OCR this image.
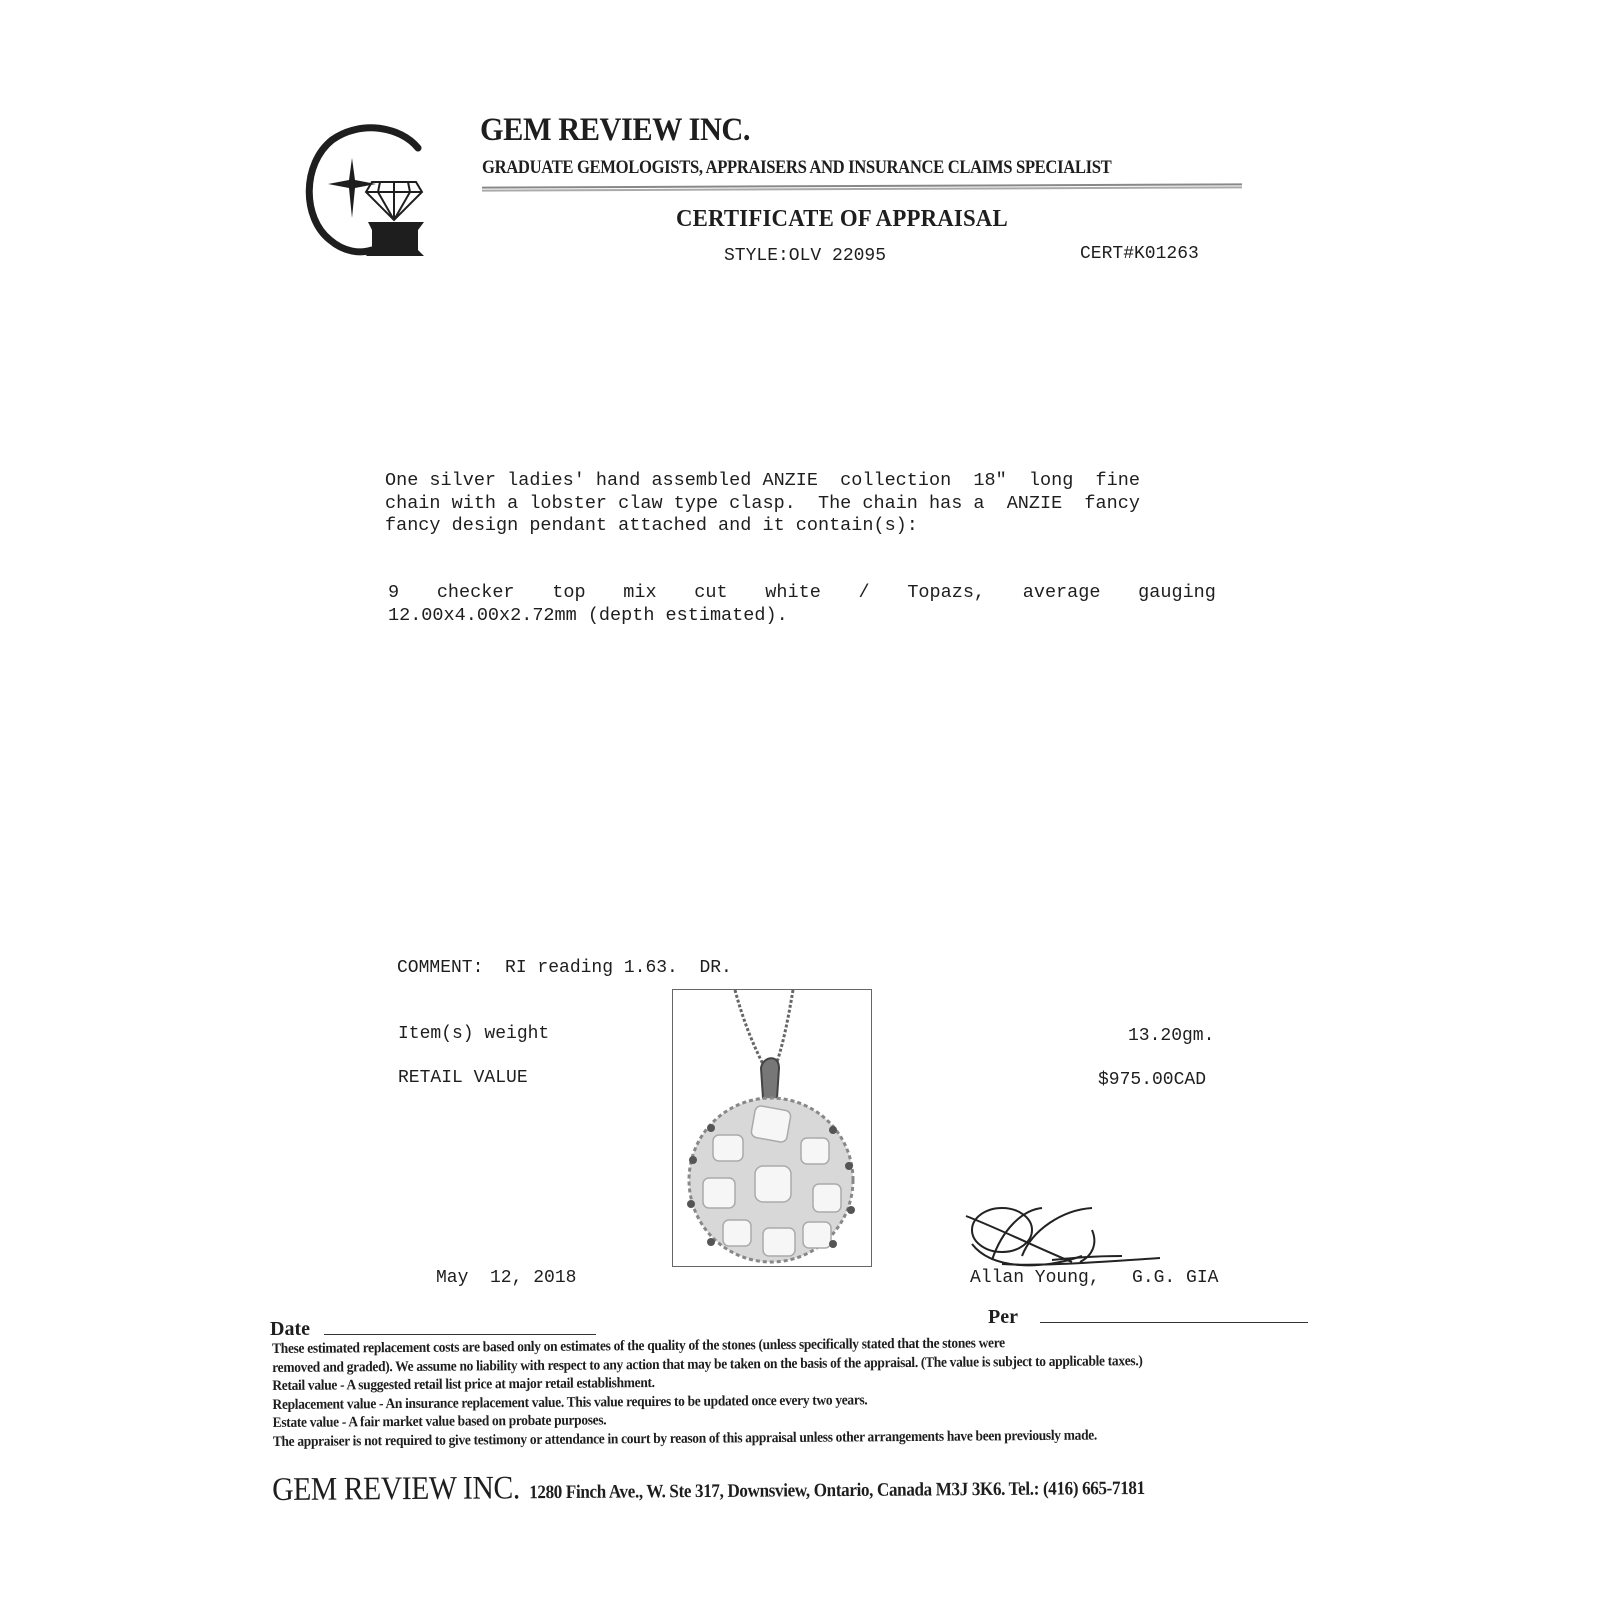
GEM REVIEW INC.
GRADUATE GEMOLOGISTS, APPRAISERS AND INSURANCE CLAIMS SPECIALIST
CERTIFICATE OF APPRAISAL
STYLE:OLV 22095	CERT#K01263
One silver ladies' hand assembled ANZIE  collection  18"  long  fine
chain with a lobster claw type clasp.  The chain has a  ANZIE  fancy
fancy design pendant attached and it contain(s):
9 checker top mix cut white / Topazs, average gauging
12.00x4.00x2.72mm (depth estimated).
COMMENT:  RI reading 1.63.  DR.
Item(s) weight	13.20gm.
RETAIL VALUE	$975.00CAD
May  12, 2018	Allan Young,   G.G. GIA
Date
Per
These estimated replacement costs are based only on estimates of the quality of the stones (unless specifically stated that the stones were
removed and graded). We assume no liability with respect to any action that may be taken on the basis of the appraisal. (The value is subject to applicable taxes.)
Retail value - A suggested retail list price at major retail establishment.
Replacement value - An insurance replacement value. This value requires to be updated once every two years.
Estate value - A fair market value based on probate purposes.
The appraiser is not required to give testimony or attendance in court by reason of this appraisal unless other arrangements have been previously made.
GEM REVIEW INC. 1280 Finch Ave., W. Ste 317, Downsview, Ontario, Canada M3J 3K6. Tel.: (416) 665-7181
